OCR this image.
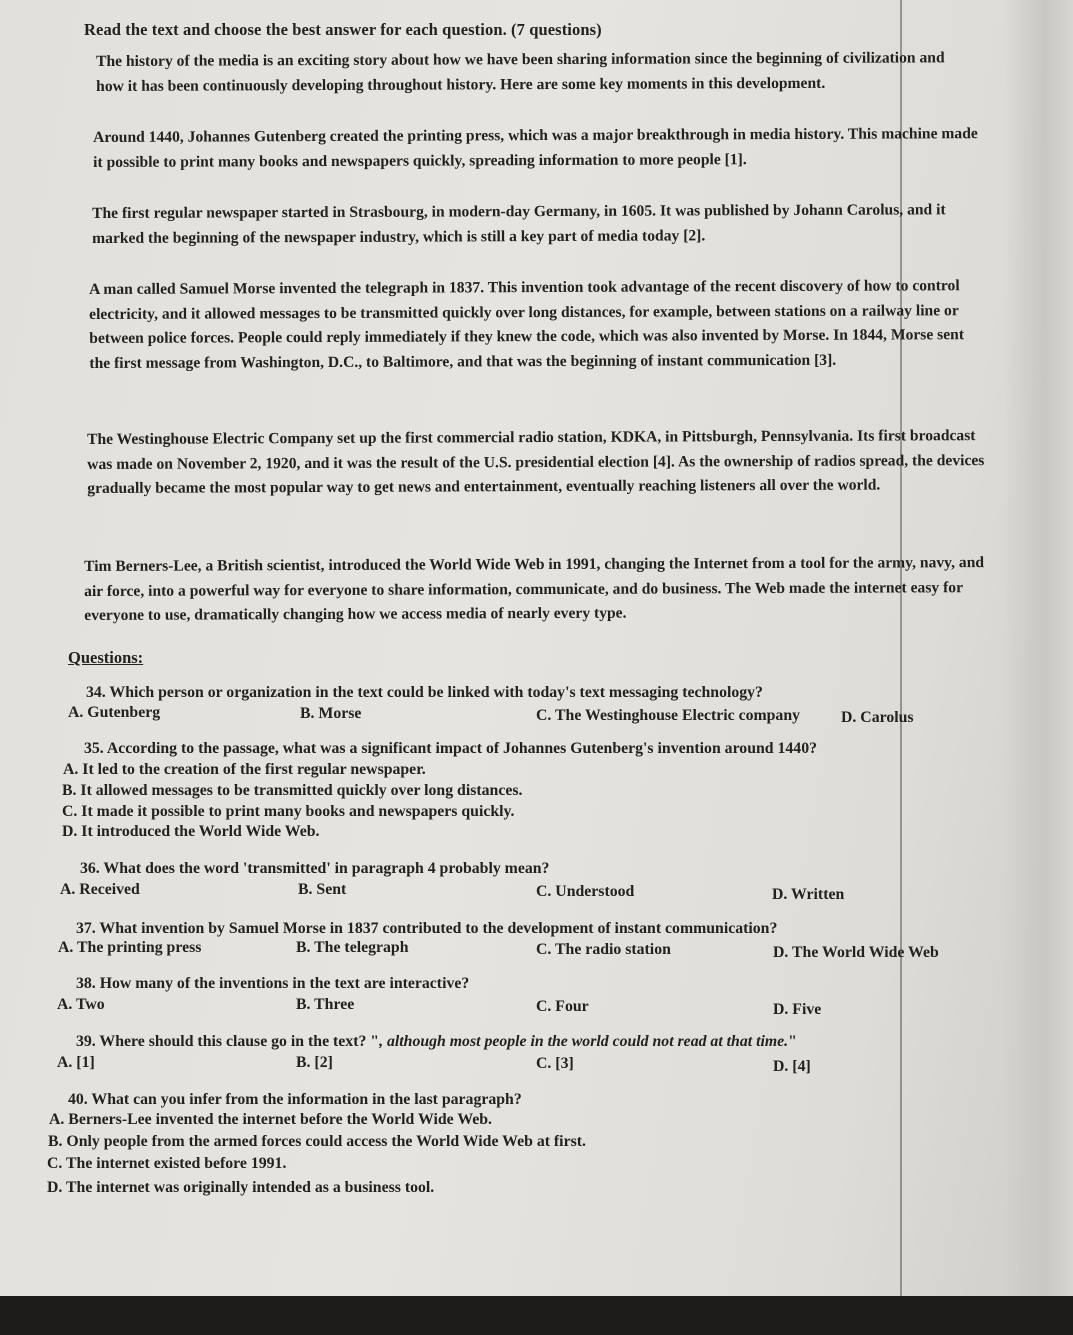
Read the text and choose the best answer for each question. (7 questions)

The history of the media is an exciting story about how we have been sharing information since the beginning of civilization and how it has been continuously developing throughout history. Here are some key moments in this development.

Around 1440, Johannes Gutenberg created the printing press, which was a major breakthrough in media history. This machine made it possible to print many books and newspapers quickly, spreading information to more people [1].

The first regular newspaper started in Strasbourg, in modern-day Germany, in 1605. It was published by Johann Carolus, and it marked the beginning of the newspaper industry, which is still a key part of media today [2].

A man called Samuel Morse invented the telegraph in 1837. This invention took advantage of the recent discovery of how to control electricity, and it allowed messages to be transmitted quickly over long distances, for example, between stations on a railway line or between police forces. People could reply immediately if they knew the code, which was also invented by Morse. In 1844, Morse sent the first message from Washington, D.C., to Baltimore, and that was the beginning of instant communication [3].

The Westinghouse Electric Company set up the first commercial radio station, KDKA, in Pittsburgh, Pennsylvania. Its first broadcast was made on November 2, 1920, and it was the result of the U.S. presidential election [4]. As the ownership of radios spread, the devices gradually became the most popular way to get news and entertainment, eventually reaching listeners all over the world.

Tim Berners-Lee, a British scientist, introduced the World Wide Web in 1991, changing the Internet from a tool for the army, navy, and air force, into a powerful way for everyone to share information, communicate, and do business. The Web made the internet easy for everyone to use, dramatically changing how we access media of nearly every type.

Questions:
34. Which person or organization in the text could be linked with today's text messaging technology?
A. Gutenberg	B. Morse	C. The Westinghouse Electric company	D. Carolus
35. According to the passage, what was a significant impact of Johannes Gutenberg's invention around 1440?
A. It led to the creation of the first regular newspaper.
B. It allowed messages to be transmitted quickly over long distances.
C. It made it possible to print many books and newspapers quickly.
D. It introduced the World Wide Web.
36. What does the word 'transmitted' in paragraph 4 probably mean?
A. Received	B. Sent	C. Understood	D. Written
37. What invention by Samuel Morse in 1837 contributed to the development of instant communication?
A. The printing press	B. The telegraph	C. The radio station	D. The World Wide Web
38. How many of the inventions in the text are interactive?
A. Two	B. Three	C. Four	D. Five
39. Where should this clause go in the text? ", although most people in the world could not read at that time."
A. [1]	B. [2]	C. [3]	D. [4]
40. What can you infer from the information in the last paragraph?
A. Berners-Lee invented the internet before the World Wide Web.
B. Only people from the armed forces could access the World Wide Web at first.
C. The internet existed before 1991.
D. The internet was originally intended as a business tool.
